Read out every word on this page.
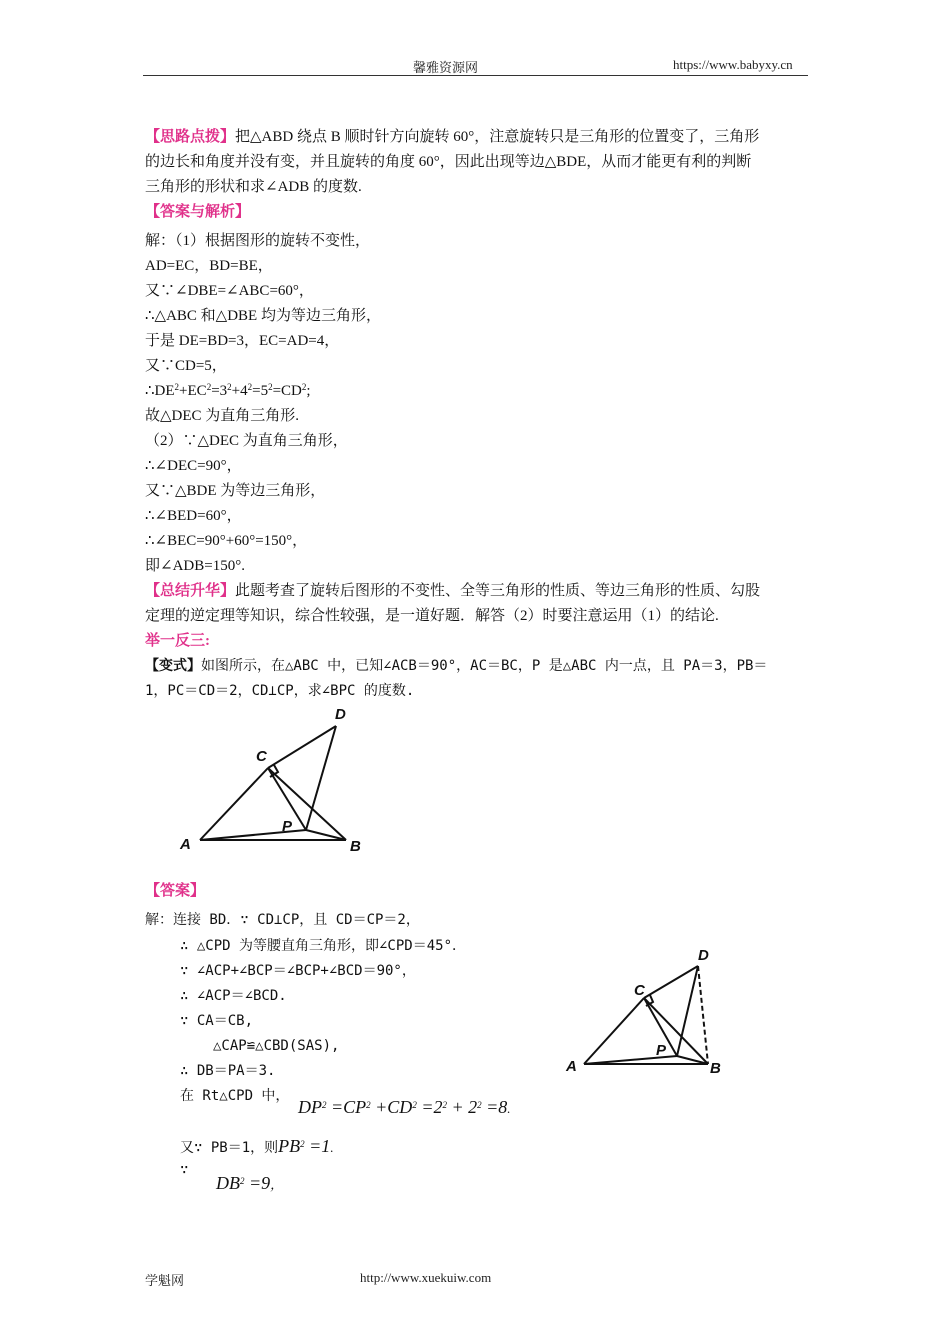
馨雅资源网	https://www.babyxy.cn
【思路点拨】把△ABD 绕点 B 顺时针方向旋转 60°，注意旋转只是三角形的位置变了，三角形
的边长和角度并没有变，并且旋转的角度 60°，因此出现等边△BDE，从而才能更有利的判断
三角形的形状和求∠ADB 的度数.
【答案与解析】
解：（1）根据图形的旋转不变性，
AD=EC，BD=BE，
又∵∠DBE=∠ABC=60°，
∴△ABC 和△DBE 均为等边三角形，
于是 DE=BD=3，EC=AD=4，
又∵CD=5，
$\therefore DE^2+EC^2=3^2+4^2=5^2=CD^2$;
故△DEC 为直角三角形.
（2）∵△DEC 为直角三角形，
∴∠DEC=90°，
又∵△BDE 为等边三角形，
∴∠BED=60°，
∴∠BEC=90°+60°=150°，
即∠ADB=150°.
【总结升华】此题考查了旋转后图形的不变性、全等三角形的性质、等边三角形的性质、勾股
定理的逆定理等知识，综合性较强，是一道好题．解答（2）时要注意运用（1）的结论.
举一反三:
【变式】如图所示，在△ABC 中，已知∠ACB＝90°，AC＝BC，P 是△ABC 内一点，且 PA＝3，PB＝
1，PC＝CD＝2，CD⊥CP，求∠BPC 的度数.
A	B
C
D
P
【答案】
解：连接 BD．∵ CD⊥CP，且 CD＝CP＝2，
∴ △CPD 为等腰直角三角形，即∠CPD＝45°．
∵ ∠ACP+∠BCP＝∠BCP+∠BCD＝90°，
∴ ∠ACP＝∠BCD.
∵ CA＝CB,
△CAP≌△CBD(SAS),
∴ DB＝PA＝3.
在 Rt△CPD 中，
$DP^2 =CP^2 +CD^2 =2^2 + 2^2 =8$.
又∵ PB＝1，则$PB^2 =1$.
∵
$DB^2 =9$，
A	B
C
D
P
学魁网	http://www.xuekuiw.com
